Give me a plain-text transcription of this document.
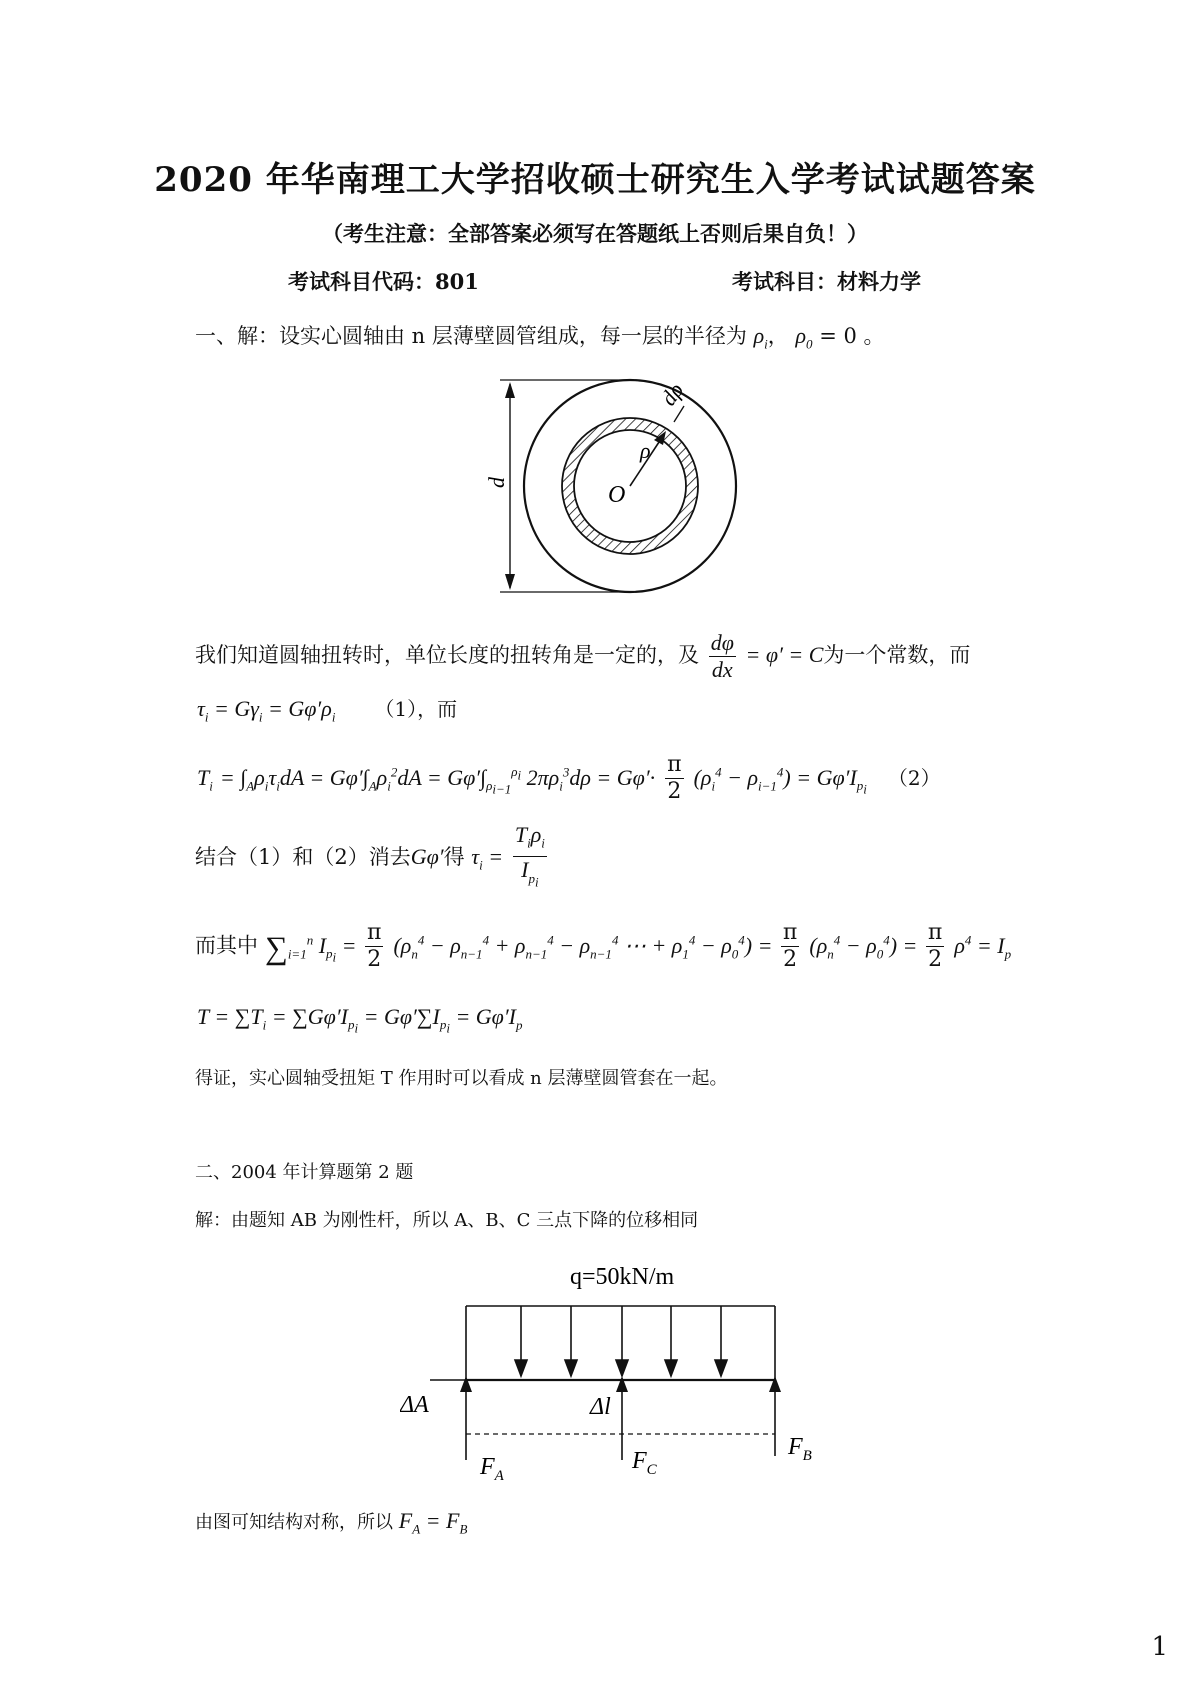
2020 年华南理工大学招收硕士研究生入学考试试题答案
（考生注意：全部答案必须写在答题纸上否则后果自负！）
考试科目代码：801	考试科目：材料力学
一、解：设实心圆轴由 n 层薄壁圆管组成，每一层的半径为 $\rho_i$， $\rho_0 = 0$ 。
d
ρ
dρ
O
我们知道圆轴扭转时，单位长度的扭转角是一定的，及 $\frac{d\varphi}{dx} = \varphi' = C$为一个常数，而
$\tau_i = G\gamma_i = G\varphi'\rho_i$ （1），而
$T_i = \int_A\rho_i\tau_idA = G\varphi'\int_A\rho_i^2dA = G\varphi'\int_{\rho_{i-1}}^{\rho_i}$ $2\pi\rho_i^3d\rho = G\varphi'\cdot \frac{\pi}{2} (\rho_i^4 - \rho_{i-1}^4) = G\varphi'I_{p_i}$ （2）
结合（1）和（2）消去Gφ′得 $\tau_i = \frac{T_i\rho_i}{I_{p_i}}$
而其中 $\sum_{i=1}^n$ $I_{p_i} = \frac{\pi}{2} (\rho_n^4 - \rho_{n-1}^4 + \rho_{n-1}^4 - \rho_{n-1}^4$ ⋯ + $\rho_1^4 - \rho_0^4) = \frac{\pi}{2} (\rho_n^4 - \rho_0^4) = \frac{\pi}{2} \rho^4 = I_p$
$T = \sum T_i = \sum G\varphi'I_{p_i} = G\varphi'\sum I_{p_i} = G\varphi'I_p$
得证，实心圆轴受扭矩 T 作用时可以看成 n 层薄壁圆管套在一起。
二、2004 年计算题第 2 题
解：由题知 AB 为刚性杆，所以 A、B、C 三点下降的位移相同
q=50kN/m
ΔA	Δl
$F_A$
$F_C$
$F_B$
由图可知结构对称，所以 $F_A = F_B$
1
